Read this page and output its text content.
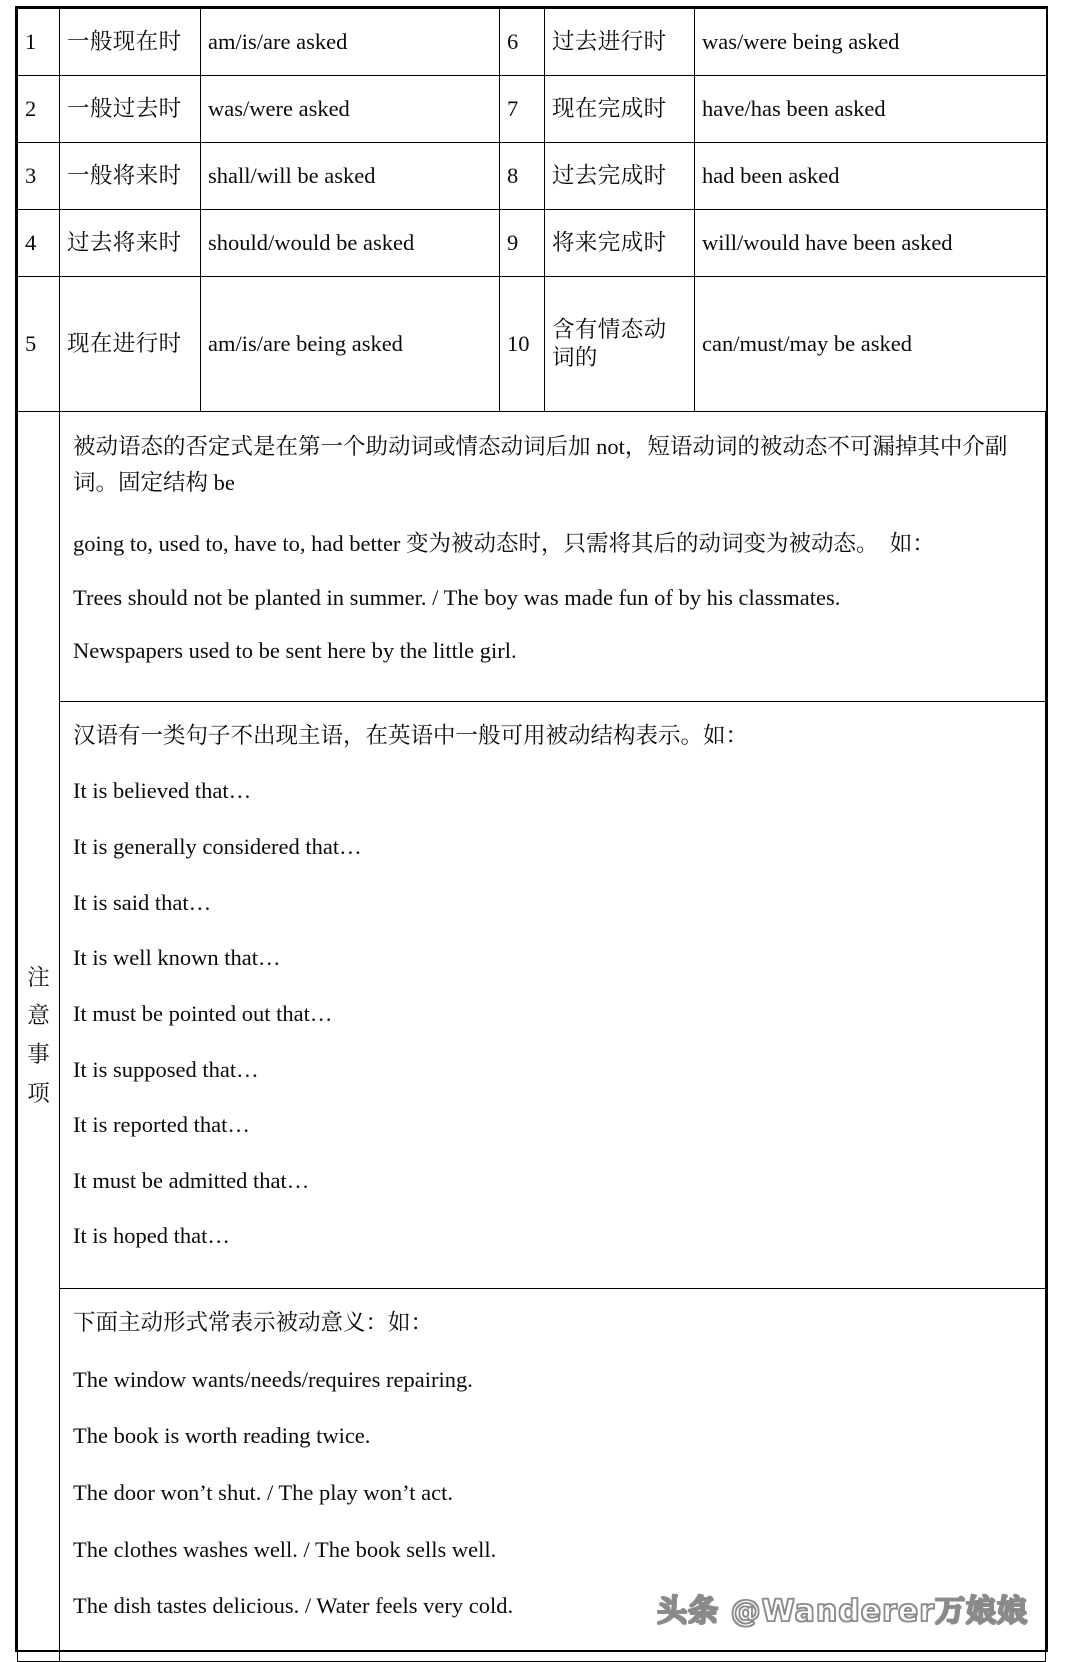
1	一般现在时	am/is/are asked	6	过去进行时	was/were being asked
2	一般过去时	was/were asked	7	现在完成时	have/has been asked
3	一般将来时	shall/will be asked	8	过去完成时	had been asked
4	过去将来时	should/would be asked	9	将来完成时	will/would have been asked
5	现在进行时	am/is/are being asked	10	含有情态动词的	can/must/may be asked
注意事项

被动语态的否定式是在第一个助动词或情态动词后加 not，短语动词的被动态不可漏掉其中介副词。固定结构 be

going to, used to, have to, had better 变为被动态时，只需将其后的动词变为被动态。　如：

Trees should not be planted in summer. / The boy was made fun of by his classmates.

Newspapers used to be sent here by the little girl.

汉语有一类句子不出现主语，在英语中一般可用被动结构表示。如：

It is believed that…

It is generally considered that…

It is said that…

It is well known that…

It must be pointed out that…

It is supposed that…

It is reported that…

It must be admitted that…

It is hoped that…

下面主动形式常表示被动意义：如：

The window wants/needs/requires repairing.

The book is worth reading twice.

The door won’t shut. / The play won’t act.

The clothes washes well. / The book sells well.

The dish tastes delicious. / Water feels very cold.	头条 @Wanderer万娘娘
